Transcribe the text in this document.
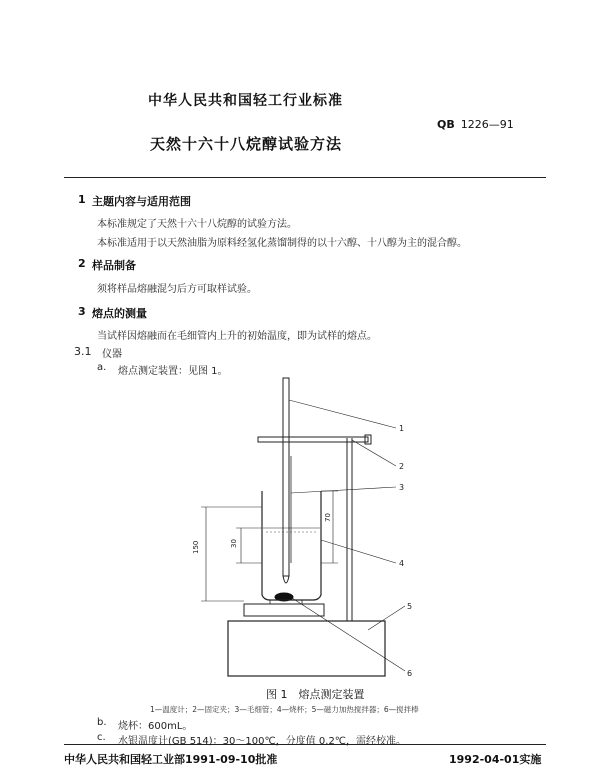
中华人民共和国轻工行业标准
QB 1226—91
天然十六十八烷醇试验方法
1 主题内容与适用范围
本标准规定了天然十六十八烷醇的试验方法。
本标准适用于以天然油脂为原料经氢化蒸馏制得的以十六醇、十八醇为主的混合醇。
2 样品制备
须将样品熔融混匀后方可取样试验。
3 熔点的测量
当试样因熔融而在毛细管内上升的初始温度，即为试样的熔点。
3.1 仪器
a. 熔点测定装置：见图 1。
150	30
70
1
2
3
4
5
6
图 1　熔点测定装置
1—温度计；2—固定夹；3—毛细管；4—烧杯；5—磁力加热搅拌器；6—搅拌棒
b. 烧杯：600mL。
c. 水银温度计(GB 514)：30～100℃，分度值 0.2℃，需经校准。
中华人民共和国轻工业部1991-09-10批准	1992-04-01实施
